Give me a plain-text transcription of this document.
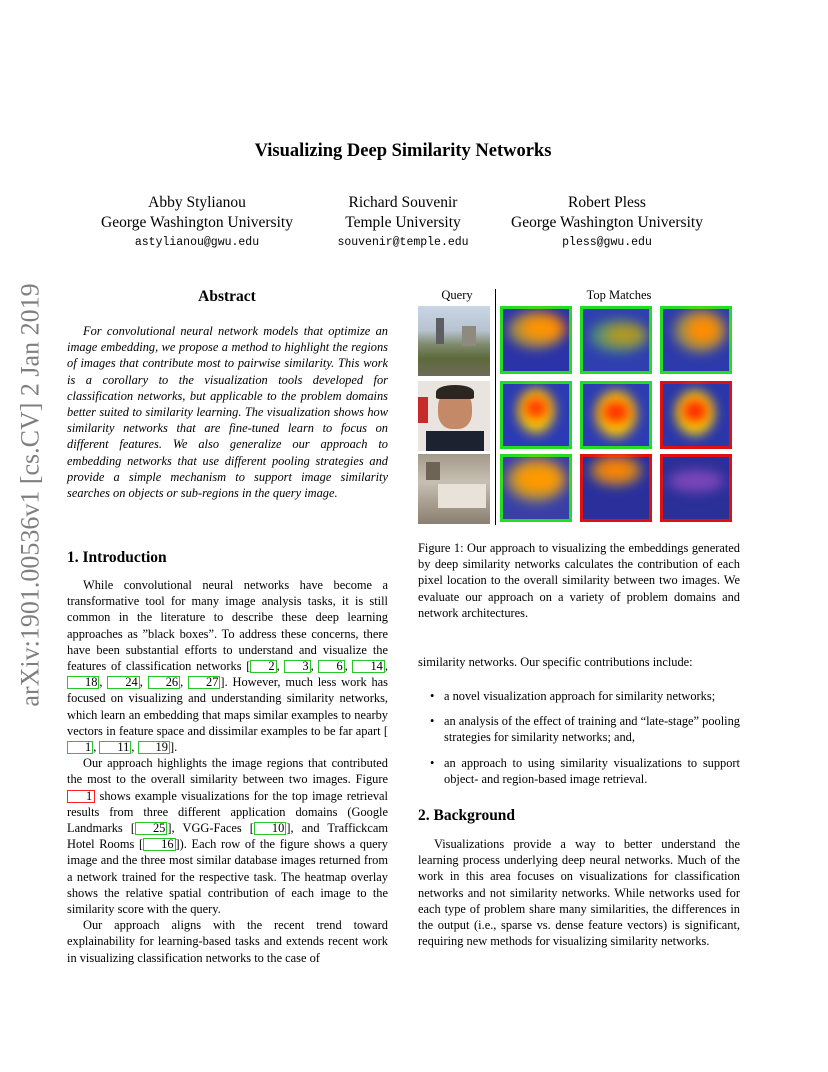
arXiv:1901.00536v1 [cs.CV] 2 Jan 2019
Visualizing Deep Similarity Networks
Abby Stylianou
George Washington University
astylianou@gwu.edu
Richard Souvenir
Temple University
souvenir@temple.edu
Robert Pless
George Washington University
pless@gwu.edu
Abstract
For convolutional neural network models that optimize an image embedding, we propose a method to highlight the regions of images that contribute most to pairwise similarity. This work is a corollary to the visualization tools developed for classification networks, but applicable to the problem domains better suited to similarity learning. The visualization shows how similarity networks that are fine-tuned learn to focus on different features. We also generalize our approach to embedding networks that use different pooling strategies and provide a simple mechanism to support image similarity searches on objects or sub-regions in the query image.
1. Introduction

While convolutional neural networks have become a transformative tool for many image analysis tasks, it is still common in the literature to describe these deep learning approaches as ”black boxes”. To address these concerns, there have been substantial efforts to understand and visualize the features of classification networks [ 2 , 3 , 6 , 14 , 18 , 24 , 26 , 27 ]. However, much less work has focused on visualizing and understanding similarity networks, which learn an embedding that maps similar examples to nearby vectors in feature space and dissimilar examples to be far apart [1 , 11 , 19 ].

Our approach highlights the image regions that contributed the most to the overall similarity between two images. Figure 1 shows example visualizations for the top image retrieval results from three different application domains (Google Landmarks [ 25 ], VGG-Faces [ 10 ], and Traffickcam Hotel Rooms [ 16 ]). Each row of the figure shows a query image and the three most similar database images returned from a network trained for the respective task. The heatmap overlay shows the relative spatial contribution of each image to the similarity score with the query.

Our approach aligns with the recent trend toward explainability for learning-based tasks and extends recent work in visualizing classification networks to the case of

Query	Top Matches
Figure 1: Our approach to visualizing the embeddings generated by deep similarity networks calculates the contribution of each pixel location to the overall similarity between two images. We evaluate our approach on a variety of problem domains and network architectures.
similarity networks. Our specific contributions include:
• a novel visualization approach for similarity networks;
• an analysis of the effect of training and “late-stage” pooling strategies for similarity networks; and,
• an approach to using similarity visualizations to support object- and region-based image retrieval.
2. Background
Visualizations provide a way to better understand the learning process underlying deep neural networks. Much of the work in this area focuses on visualizations for classification networks and not similarity networks. While networks used for each type of problem share many similarities, the differences in the output (i.e., sparse vs. dense feature vectors) is significant, requiring new methods for visualizing similarity networks.
